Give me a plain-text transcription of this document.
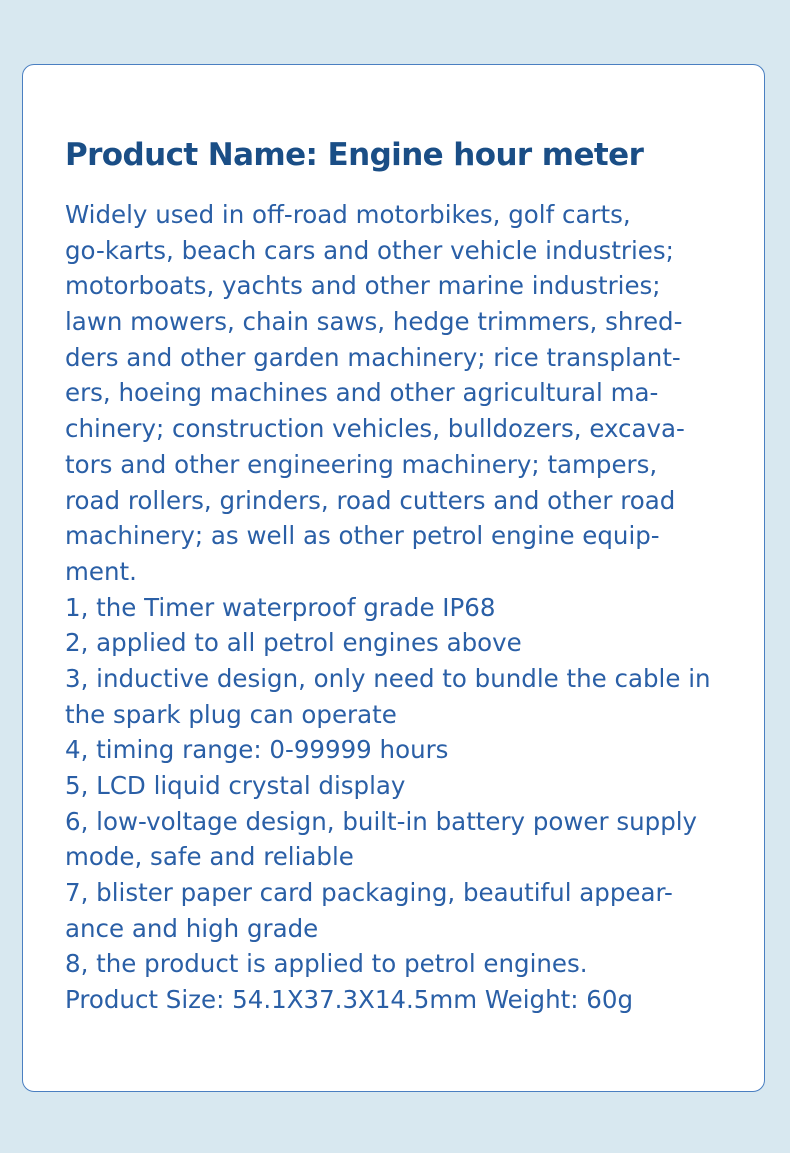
Product Name: Engine hour meter
Widely used in off-road motorbikes, golf carts,
go-karts, beach cars and other vehicle industries;
motorboats, yachts and other marine industries;
lawn mowers, chain saws, hedge trimmers, shred-
ders and other garden machinery; rice transplant-
ers, hoeing machines and other agricultural ma-
chinery; construction vehicles, bulldozers, excava-
tors and other engineering machinery; tampers,
road rollers, grinders, road cutters and other road
machinery; as well as other petrol engine equip-
ment.
1, the Timer waterproof grade IP68
2, applied to all petrol engines above
3, inductive design, only need to bundle the cable in
the spark plug can operate
4, timing range: 0-99999 hours
5, LCD liquid crystal display
6, low-voltage design, built-in battery power supply
mode, safe and reliable
7, blister paper card packaging, beautiful appear-
ance and high grade
8, the product is applied to petrol engines.
Product Size: 54.1X37.3X14.5mm Weight: 60g
